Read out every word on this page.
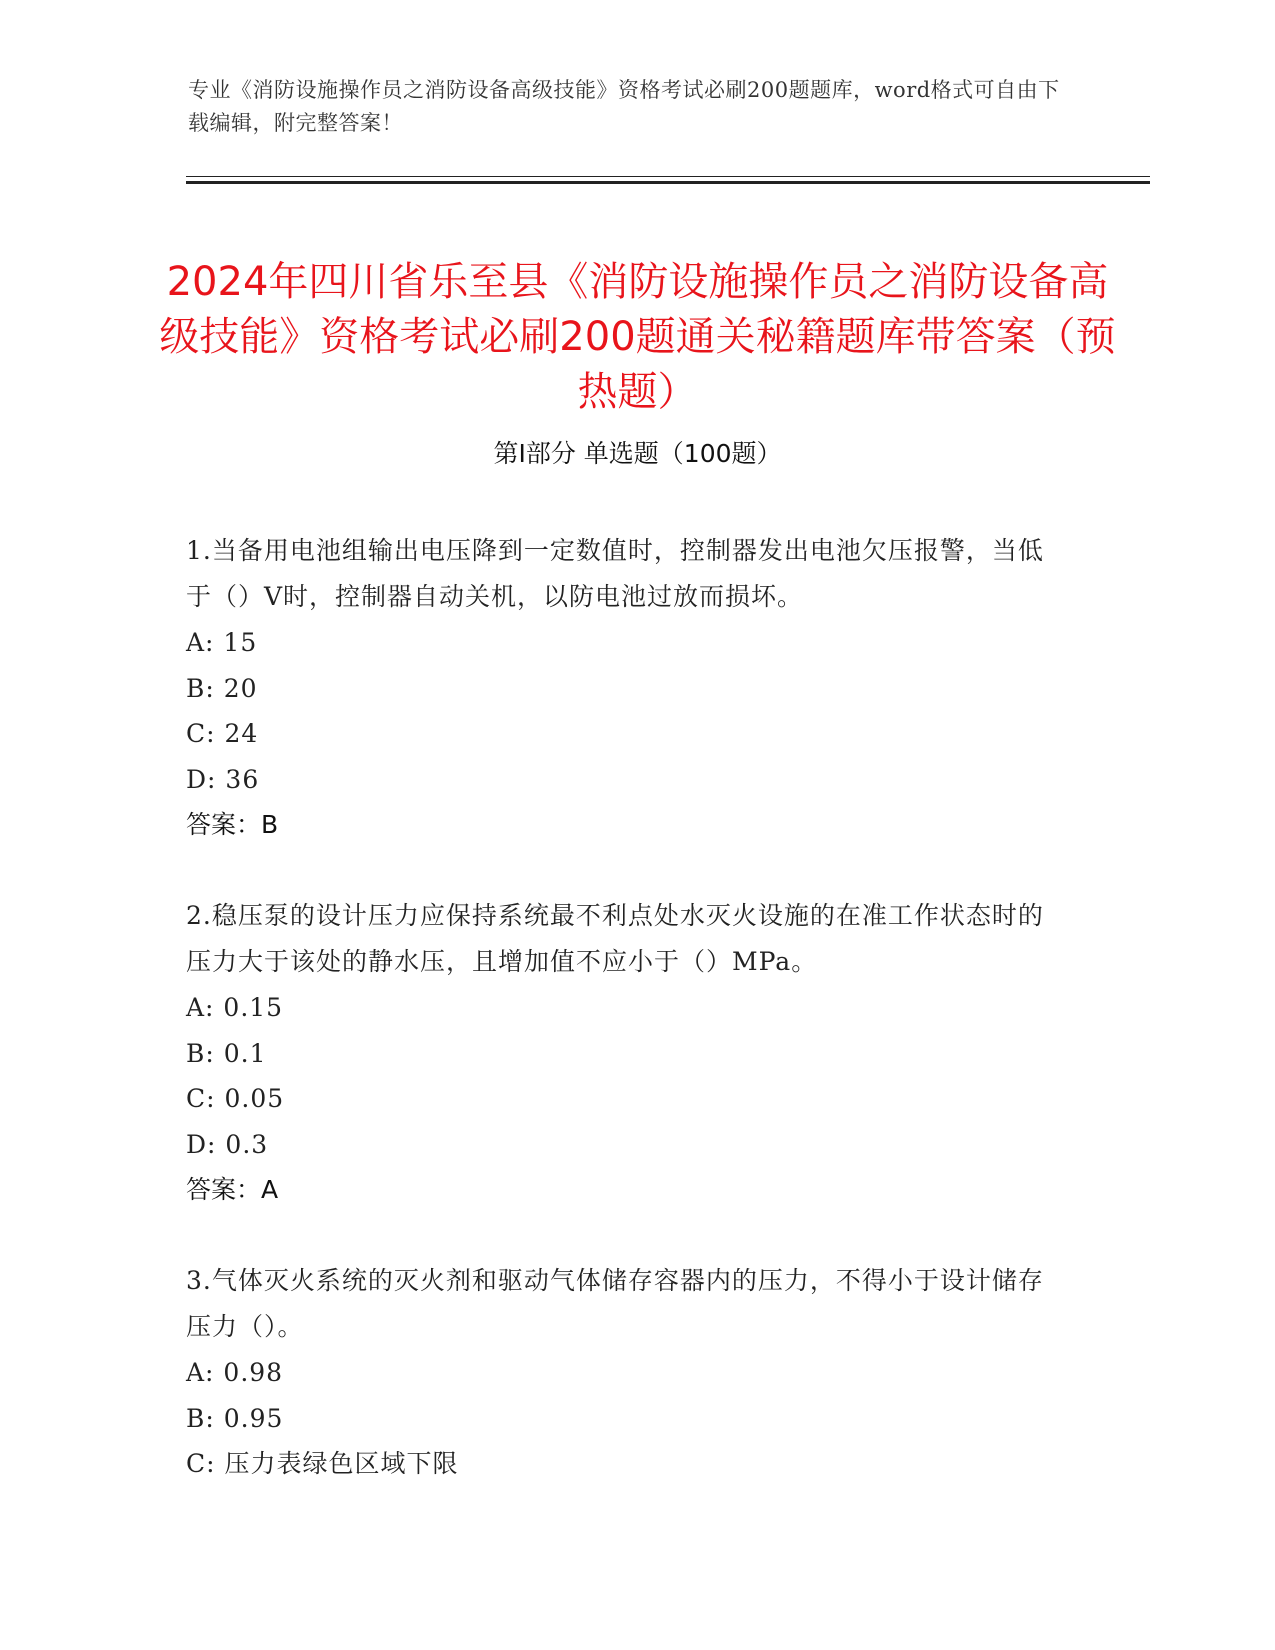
专业《消防设施操作员之消防设备高级技能》资格考试必刷200题题库，word格式可自由下载编辑，附完整答案！
2024年四川省乐至县《消防设施操作员之消防设备高级技能》资格考试必刷200题通关秘籍题库带答案（预热题）
第Ⅰ部分 单选题（100题）

1.当备用电池组输出电压降到一定数值时，控制器发出电池欠压报警，当低于（）V时，控制器自动关机，以防电池过放而损坏。

A: 15

B: 20

C: 24

D: 36

答案：B

2.稳压泵的设计压力应保持系统最不利点处水灭火设施的在准工作状态时的压力大于该处的静水压，且增加值不应小于（）MPa。

A: 0.15

B: 0.1

C: 0.05

D: 0.3

答案：A

3.气体灭火系统的灭火剂和驱动气体储存容器内的压力，不得小于设计储存压力（）。

A: 0.98

B: 0.95

C: 压力表绿色区域下限
